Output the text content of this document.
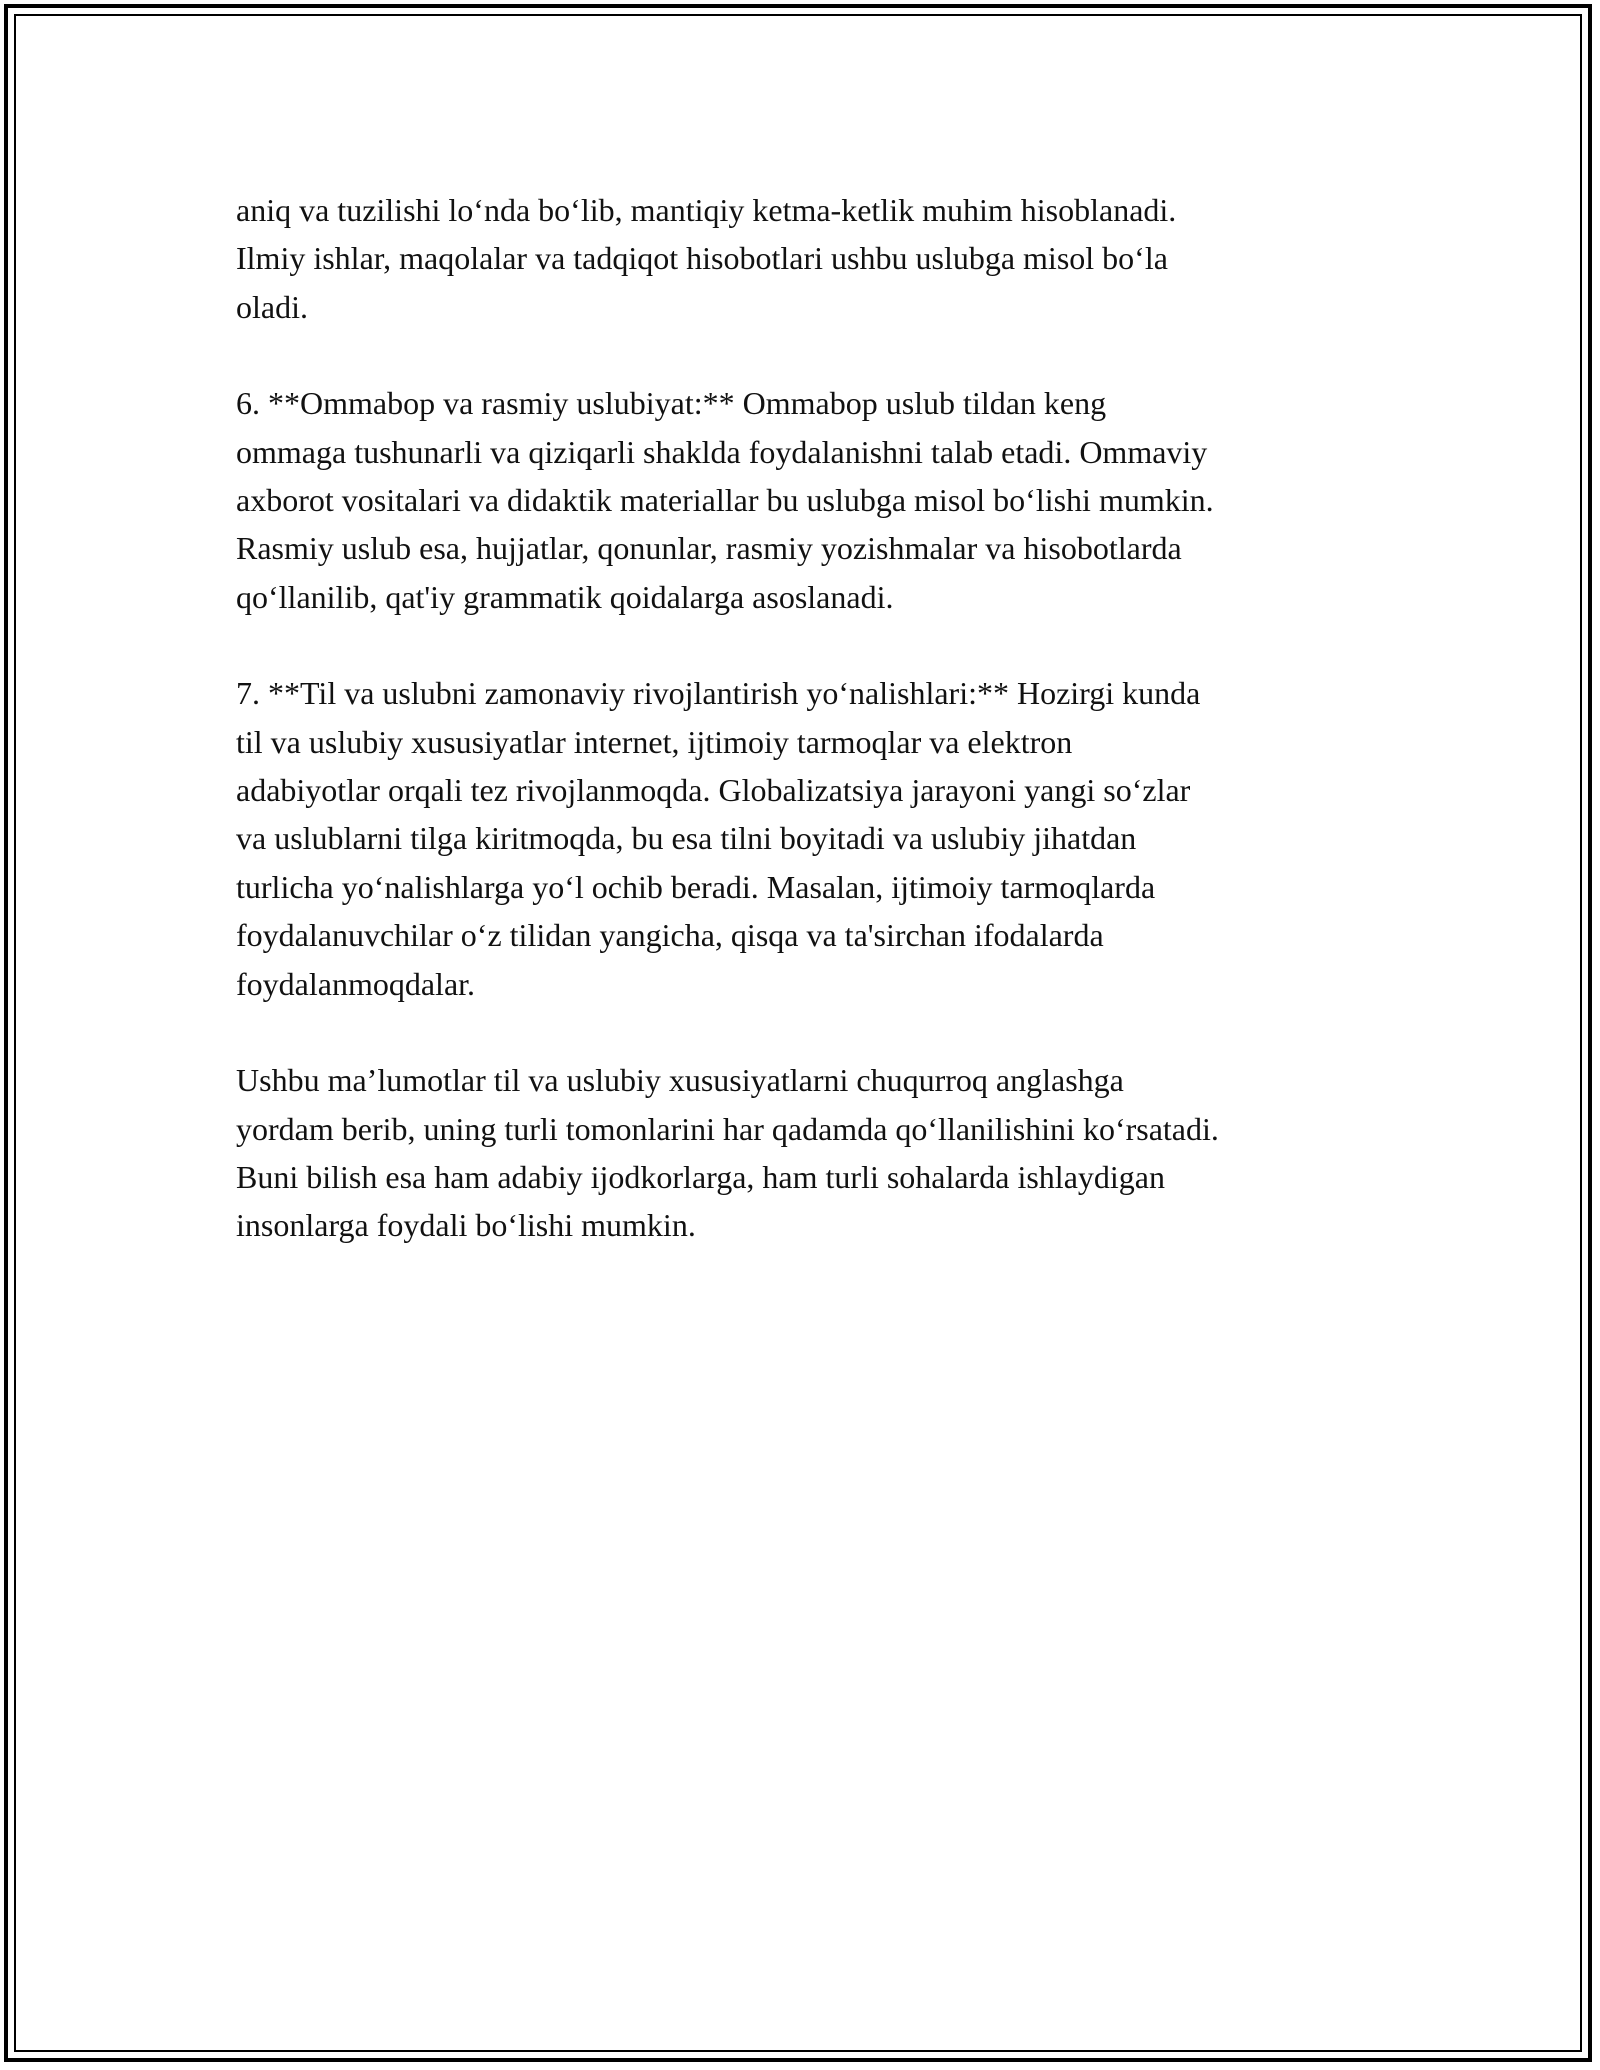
aniq va tuzilishi lo‘nda bo‘lib, mantiqiy ketma-ketlik muhim hisoblanadi.
Ilmiy ishlar, maqolalar va tadqiqot hisobotlari ushbu uslubga misol bo‘la
oladi.

6. **Ommabop va rasmiy uslubiyat:** Ommabop uslub tildan keng
ommaga tushunarli va qiziqarli shaklda foydalanishni talab etadi. Ommaviy
axborot vositalari va didaktik materiallar bu uslubga misol bo‘lishi mumkin.
Rasmiy uslub esa, hujjatlar, qonunlar, rasmiy yozishmalar va hisobotlarda
qo‘llanilib, qat'iy grammatik qoidalarga asoslanadi.

7. **Til va uslubni zamonaviy rivojlantirish yo‘nalishlari:** Hozirgi kunda
til va uslubiy xususiyatlar internet, ijtimoiy tarmoqlar va elektron
adabiyotlar orqali tez rivojlanmoqda. Globalizatsiya jarayoni yangi so‘zlar
va uslublarni tilga kiritmoqda, bu esa tilni boyitadi va uslubiy jihatdan
turlicha yo‘nalishlarga yo‘l ochib beradi. Masalan, ijtimoiy tarmoqlarda
foydalanuvchilar o‘z tilidan yangicha, qisqa va ta'sirchan ifodalarda
foydalanmoqdalar.

Ushbu ma’lumotlar til va uslubiy xususiyatlarni chuqurroq anglashga
yordam berib, uning turli tomonlarini har qadamda qo‘llanilishini ko‘rsatadi.
Buni bilish esa ham adabiy ijodkorlarga, ham turli sohalarda ishlaydigan
insonlarga foydali bo‘lishi mumkin.
